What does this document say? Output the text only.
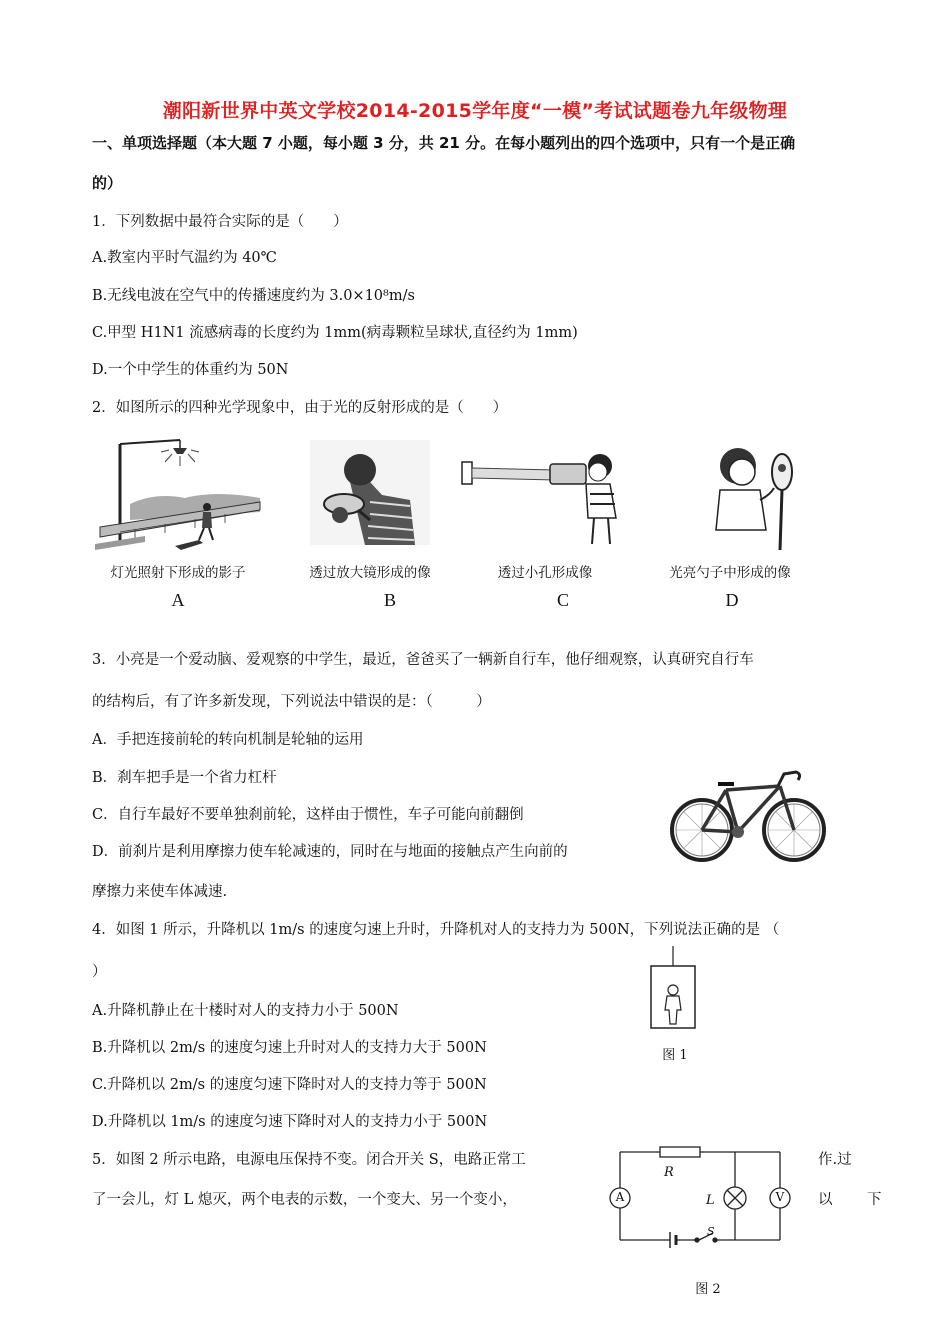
潮阳新世界中英文学校2014-2015学年度“一模”考试试题卷九年级物理
一、单项选择题（本大题 7 小题，每小题 3 分，共 21 分。在每小题列出的四个选项中，只有一个是正确
的）
1．下列数据中最符合实际的是（　　）
A.教室内平时气温约为 40℃
B.无线电波在空气中的传播速度约为 3.0×10⁸m/s
C.甲型 H1N1 流感病毒的长度约为 1mm(病毒颗粒呈球状,直径约为 1mm)
D.一个中学生的体重约为 50N
2．如图所示的四种光学现象中，由于光的反射形成的是（　　）
灯光照射下形成的影子
A
透过放大镜形成的像
B
透过小孔形成像
C
光亮勺子中形成的像
D
3．小亮是一个爱动脑、爱观察的中学生，最近，爸爸买了一辆新自行车，他仔细观察，认真研究自行车
的结构后，有了许多新发现，下列说法中错误的是：（　　　）
A．手把连接前轮的转向机制是轮轴的运用
B．刹车把手是一个省力杠杆
C．自行车最好不要单独刹前轮，这样由于惯性，车子可能向前翻倒
D．前刹片是利用摩擦力使车轮减速的，同时在与地面的接触点产生向前的
摩擦力来使车体减速.
4．如图 1 所示，升降机以 1m/s 的速度匀速上升时，升降机对人的支持力为 500N，下列说法正确的是 （
）
A.升降机静止在十楼时对人的支持力小于 500N
B.升降机以 2m/s 的速度匀速上升时对人的支持力大于 500N
C.升降机以 2m/s 的速度匀速下降时对人的支持力等于 500N
D.升降机以 1m/s 的速度匀速下降时对人的支持力小于 500N
图 1
5．如图 2 所示电路，电源电压保持不变。闭合开关 S，电路正常工	作.过
了一会儿，灯 L 熄灭，两个电表的示数，一个变大、另一个变小，	以　下
R
A	L	V
S
图 2
